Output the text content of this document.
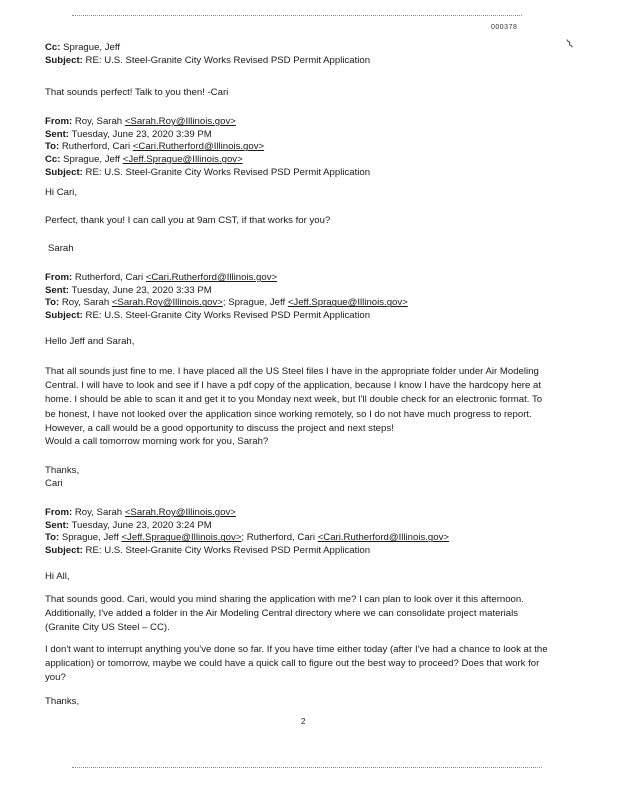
000378
⌇

Cc: Sprague, Jeff

Subject: RE: U.S. Steel-Granite City Works Revised PSD Permit Application

That sounds perfect! Talk to you then! -Cari

From: Roy, Sarah <Sarah.Roy@Illinois.gov>

Sent: Tuesday, June 23, 2020 3:39 PM

To: Rutherford, Cari <Cari.Rutherford@Illinois.gov>

Cc: Sprague, Jeff <Jeff.Sprague@Illinois.gov>

Subject: RE: U.S. Steel-Granite City Works Revised PSD Permit Application

Hi Cari,

Perfect, thank you! I can call you at 9am CST, if that works for you?

Sarah

From: Rutherford, Cari <Cari.Rutherford@Illinois.gov>

Sent: Tuesday, June 23, 2020 3:33 PM

To: Roy, Sarah <Sarah.Roy@Illinois.gov>; Sprague, Jeff <Jeff.Sprague@Illinois.gov>

Subject: RE: U.S. Steel-Granite City Works Revised PSD Permit Application

Hello Jeff and Sarah,

That all sounds just fine to me. I have placed all the US Steel files I have in the appropriate folder under Air Modeling

Central. I will have to look and see if I have a pdf copy of the application, because I know I have the hardcopy here at

home. I should be able to scan it and get it to you Monday next week, but I'll double check for an electronic format. To

be honest, I have not looked over the application since working remotely, so I do not have much progress to report.

However, a call would be a good opportunity to discuss the project and next steps!

Would a call tomorrow morning work for you, Sarah?

Thanks,

Cari

From: Roy, Sarah <Sarah.Roy@Illinois.gov>

Sent: Tuesday, June 23, 2020 3:24 PM

To: Sprague, Jeff <Jeff.Sprague@Illinois.gov>; Rutherford, Cari <Cari.Rutherford@Illinois.gov>

Subject: RE: U.S. Steel-Granite City Works Revised PSD Permit Application

Hi All,

That sounds good. Cari, would you mind sharing the application with me? I can plan to look over it this afternoon.

Additionally, I've added a folder in the Air Modeling Central directory where we can consolidate project materials

(Granite City US Steel – CC).

I don't want to interrupt anything you've done so far. If you have time either today (after I've had a chance to look at the

application) or tomorrow, maybe we could have a quick call to figure out the best way to proceed? Does that work for

you?

Thanks,

2
